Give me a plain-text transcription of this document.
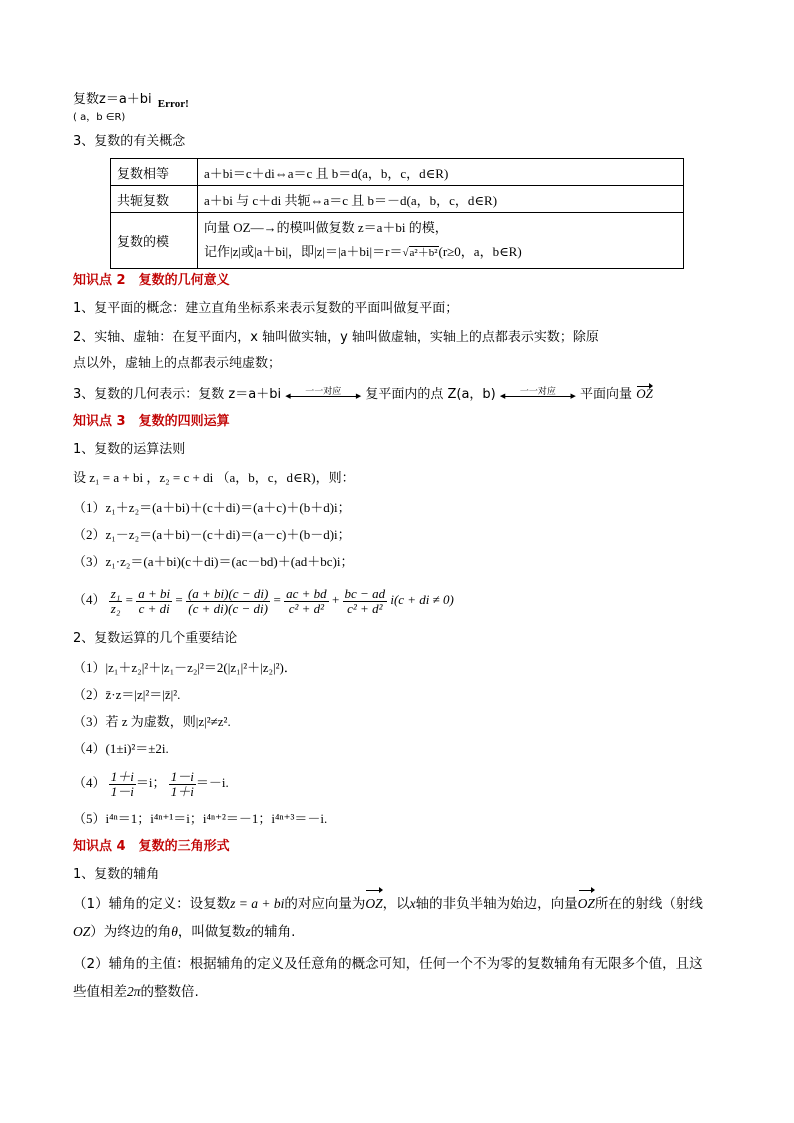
复数z＝a＋bi $_{Error!}$
( a，b ∈R)
3、复数的有关概念
复数相等	a＋bi＝c＋di⇔a＝c 且 b＝d(a，b，c，d∈R)
共轭复数	a＋bi 与 c＋di 共轭⇔a＝c 且 b＝－d(a，b，c，d∈R)
复数的模	向量 OZ—→的模叫做复数 z＝a＋bi 的模，
记作|z|或|a＋bi|，即|z|＝|a＋bi|＝r＝√a²＋b²(r≥0，a，b∈R)
知识点 2　复数的几何意义
1、复平面的概念：建立直角坐标系来表示复数的平面叫做复平面；
2、实轴、虚轴：在复平面内，x 轴叫做实轴，y 轴叫做虚轴，实轴上的点都表示实数；除原
点以外，虚轴上的点都表示纯虚数；
3、复数的几何表示：复数 z＝a＋bi	一一对应
◀	▶ 复平面内的点 Z(a，b)	一一对应
◀	▶ 平面向量 OZ
知识点 3　复数的四则运算
1、复数的运算法则
设 z₁ = a + bi ，z₂ = c + di （a，b，c，d∈R)，则：
（1）z₁＋z₂＝(a＋bi)＋(c＋di)＝(a＋c)＋(b＋d)i；
（2）z₁－z₂＝(a＋bi)－(c＋di)＝(a－c)＋(b－d)i；
（3）z₁·z₂＝(a＋bi)(c＋di)＝(ac－bd)＋(ad＋bc)i；
$(4) \frac{\text{z₁}}{\text{z₂}} = \frac{a + bi}{c + di} = \frac{(a + bi)(c - di)}{(c + di)(c - di)} = \frac{ac + bd}{\text{c² + d²}} + \frac{bc - ad}{\text{c² + d²}} i(c$ + di ≠ 0)
2、复数运算的几个重要结论
（1）|z₁＋z₂|²＋|z₁－z₂|²＝2(|z₁|²＋|z₂|²)．
（2）z̄·z＝|z|²＝|z̄|².
（3）若 z 为虚数，则|z|²≠z².
（4）(1±i)²＝±2i.
$(4) \frac{1+i}{1-i} =i$； $\frac{1-i}{1+i} =-i$.
（5）i⁴ⁿ＝1；i⁴ⁿ⁺¹＝i；i⁴ⁿ⁺²＝－1；i⁴ⁿ⁺³＝－i.
知识点 4　复数的三角形式
1、复数的辅角
（1）辅角的定义：设复数z = a + bi的对应向量为OZ，以x轴的非负半轴为始边，向量OZ所在的射线（射线
OZ）为终边的角θ，叫做复数z的辅角.
（2）辅角的主值：根据辅角的定义及任意角的概念可知，任何一个不为零的复数辅角有无限多个值，且这
些值相差2π的整数倍.
